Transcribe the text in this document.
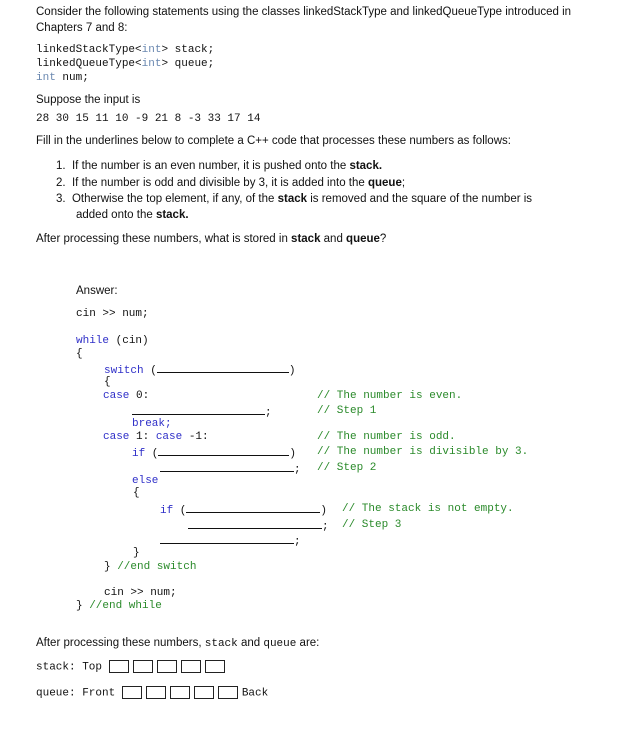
Consider the following statements using the classes linkedStackType and linkedQueueType introduced in
Chapters 7 and 8:
linkedStackType<int> stack;
linkedQueueType<int> queue;
int num;
Suppose the input is
28 30 15 11 10 -9 21 8 -3 33 17 14
Fill in the underlines below to complete a C++ code that processes these numbers as follows:
1. If the number is an even number, it is pushed onto the stack.
2. If the number is odd and divisible by 3, it is added into the queue;
3. Otherwise the top element, if any, of the stack is removed and the square of the number is
added onto the stack.
After processing these numbers, what is stored in stack and queue?
Answer:
cin >> num;
while (cin)
{
switch (	)
{
case 0:	// The number is even.
;	// Step 1
break;
case 1: case -1:	// The number is odd.
if (	) // The number is divisible by 3.
; // Step 2
else
{
if (	) // The stack is not empty.
; // Step 3
;
}
} //end switch
cin >> num;
} //end while
After processing these numbers, stack and queue are:
stack: Top
queue: Front	Back
